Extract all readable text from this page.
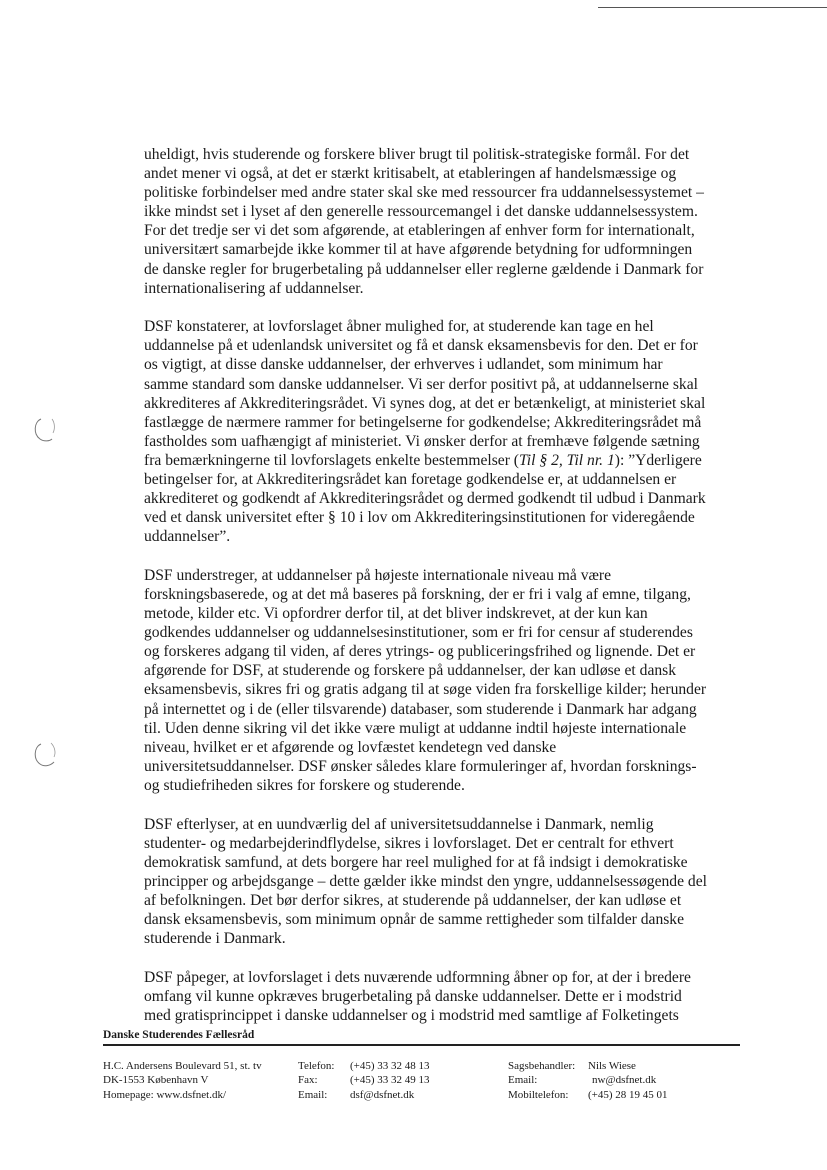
uheldigt, hvis studerende og forskere bliver brugt til politisk-strategiske formål. For det andet mener vi også, at det er stærkt kritisabelt, at etableringen af handelsmæssige og politiske forbindelser med andre stater skal ske med ressourcer fra uddannelsessystemet – ikke mindst set i lyset af den generelle ressourcemangel i det danske uddannelsessystem. For det tredje ser vi det som afgørende, at etableringen af enhver form for internationalt, universitært samarbejde ikke kommer til at have afgørende betydning for udformningen de danske regler for brugerbetaling på uddannelser eller reglerne gældende i Danmark for internationalisering af uddannelser.

DSF konstaterer, at lovforslaget åbner mulighed for, at studerende kan tage en hel uddannelse på et udenlandsk universitet og få et dansk eksamensbevis for den. Det er for os vigtigt, at disse danske uddannelser, der erhverves i udlandet, som minimum har samme standard som danske uddannelser. Vi ser derfor positivt på, at uddannelserne skal akkrediteres af Akkrediteringsrådet. Vi synes dog, at det er betænkeligt, at ministeriet skal fastlægge de nærmere rammer for betingelserne for godkendelse; Akkrediteringsrådet må fastholdes som uafhængigt af ministeriet. Vi ønsker derfor at fremhæve følgende sætning fra bemærkningerne til lovforslagets enkelte bestemmelser (Til § 2, Til nr. 1): ”Yderligere betingelser for, at Akkrediteringsrådet kan foretage godkendelse er, at uddannelsen er akkrediteret og godkendt af Akkrediteringsrådet og dermed godkendt til udbud i Danmark ved et dansk universitet efter § 10 i lov om Akkrediteringsinstitutionen for videregående uddannelser”.

DSF understreger, at uddannelser på højeste internationale niveau må være forskningsbaserede, og at det må baseres på forskning, der er fri i valg af emne, tilgang, metode, kilder etc. Vi opfordrer derfor til, at det bliver indskrevet, at der kun kan godkendes uddannelser og uddannelsesinstitutioner, som er fri for censur af studerendes og forskeres adgang til viden, af deres ytrings- og publiceringsfrihed og lignende. Det er afgørende for DSF, at studerende og forskere på uddannelser, der kan udløse et dansk eksamensbevis, sikres fri og gratis adgang til at søge viden fra forskellige kilder; herunder på internettet og i de (eller tilsvarende) databaser, som studerende i Danmark har adgang til. Uden denne sikring vil det ikke være muligt at uddanne indtil højeste internationale niveau, hvilket er et afgørende og lovfæstet kendetegn ved danske universitetsuddannelser. DSF ønsker således klare formuleringer af, hvordan forsknings- og studiefriheden sikres for forskere og studerende.

DSF efterlyser, at en uundværlig del af universitetsuddannelse i Danmark, nemlig studenter- og medarbejderindflydelse, sikres i lovforslaget. Det er centralt for ethvert demokratisk samfund, at dets borgere har reel mulighed for at få indsigt i demokratiske principper og arbejdsgange – dette gælder ikke mindst den yngre, uddannelsessøgende del af befolkningen. Det bør derfor sikres, at studerende på uddannelser, der kan udløse et dansk eksamensbevis, som minimum opnår de samme rettigheder som tilfalder danske studerende i Danmark.

DSF påpeger, at lovforslaget i dets nuværende udformning åbner op for, at der i bredere omfang vil kunne opkræves brugerbetaling på danske uddannelser. Dette er i modstrid med gratisprincippet i danske uddannelser og i modstrid med samtlige af Folketingets

Danske Studerendes Fællesråd
H.C. Andersens Boulevard 51, st. tv
DK-1553 København V
Homepage: www.dsfnet.dk/
Telefon: (+45) 33 32 48 13
Fax:	(+45) 33 32 49 13
Email: dsf@dsfnet.dk
Sagsbehandler: Nils Wiese
Email:	nw@dsfnet.dk
Mobiltelefon: (+45) 28 19 45 01
